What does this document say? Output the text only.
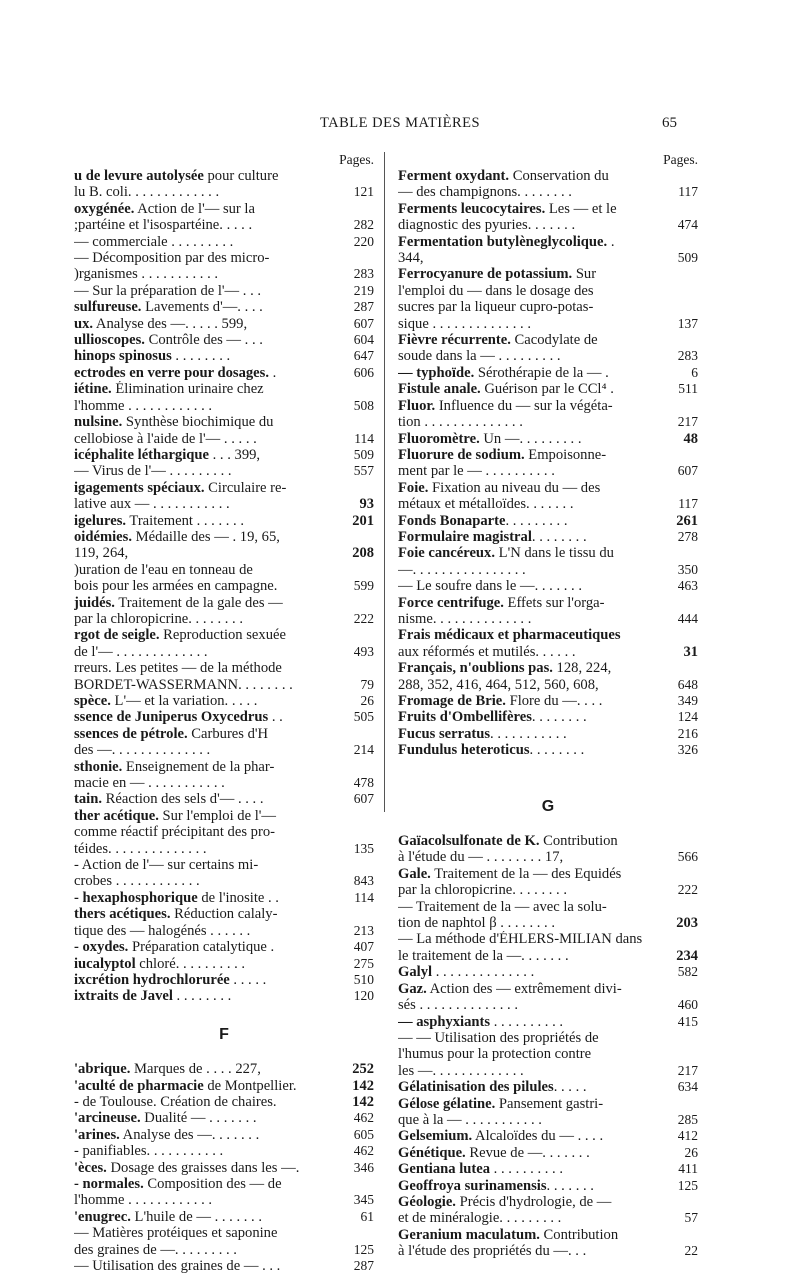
TABLE DES MATIÈRES	65
Pages.
u de levure autolysée pour culture
lu B. coli. . . . . . . . . . . . .	121
oxygénée. Action de l'— sur la
;partéine et l'isospartéine. . . . .	282
— commerciale . . . . . . . . .	220
— Décomposition par des micro-
)rganismes . . . . . . . . . . .	283
— Sur la préparation de l'— . . .	219
sulfureuse. Lavements d'—. . . .	287
ux. Analyse des —. . . . . 599,	607
ullioscopes. Contrôle des — . . .	604
hinops spinosus . . . . . . . .	647
ectrodes en verre pour dosages. .	606
iétine. Élimination urinaire chez
l'homme . . . . . . . . . . . .	508
nulsine. Synthèse biochimique du
cellobiose à l'aide de l'— . . . . .	114
icéphalite léthargique . . . 399,	509
— Virus de l'— . . . . . . . . .	557
igagements spéciaux. Circulaire re-
lative aux — . . . . . . . . . . .	93
igelures. Traitement . . . . . . .	201
oidémies. Médaille des — . 19, 65,
119, 264,	208
)uration de l'eau en tonneau de
bois pour les armées en campagne.	599
juidés. Traitement de la gale des —
par la chloropicrine. . . . . . . .	222
rgot de seigle. Reproduction sexuée
de l'— . . . . . . . . . . . . .	493
rreurs. Les petites — de la méthode
BORDET-WASSERMANN. . . . . . . .	79
spèce. L'— et la variation. . . . .	26
ssence de Juniperus Oxycedrus . .	505
ssences de pétrole. Carbures d'H
des —. . . . . . . . . . . . . .	214
sthonie. Enseignement de la phar-
macie en — . . . . . . . . . . .	478
tain. Réaction des sels d'— . . . .	607
ther acétique. Sur l'emploi de l'—
comme réactif précipitant des pro-
téides. . . . . . . . . . . . . .	135
- Action de l'— sur certains mi-
crobes . . . . . . . . . . . .	843
- hexaphosphorique de l'inosite . .	114
thers acétiques. Réduction calaly-
tique des — halogénés . . . . . .	213
- oxydes. Préparation catalytique .	407
iucalyptol chloré. . . . . . . . . .	275
ixcrétion hydrochlorurée . . . . .	510
ixtraits de Javel . . . . . . . .	120
F
'abrique. Marques de . . . . 227,	252
'aculté de pharmacie de Montpellier.	142
- de Toulouse. Création de chaires.	142
'arcineuse. Dualité — . . . . . . .	462
'arines. Analyse des —. . . . . . .	605
- panifiables. . . . . . . . . . .	462
'èces. Dosage des graisses dans les —.	346
- normales. Composition des — de
l'homme . . . . . . . . . . . .	345
'enugrec. L'huile de — . . . . . . .	61
— Matières protéiques et saponine
des graines de —. . . . . . . . .	125
— Utilisation des graines de — . . .	287
Pages.
Ferment oxydant. Conservation du
— des champignons. . . . . . . .	117
Ferments leucocytaires. Les — et le
diagnostic des pyuries. . . . . . .	474
Fermentation butylèneglycolique. .
344,	509
Ferrocyanure de potassium. Sur
l'emploi du — dans le dosage des
sucres par la liqueur cupro-potas-
sique . . . . . . . . . . . . . .	137
Fièvre récurrente. Cacodylate de
soude dans la — . . . . . . . . .	283
— typhoïde. Sérothérapie de la — .	6
Fistule anale. Guérison par le CCl⁴ .	511
Fluor. Influence du — sur la végéta-
tion . . . . . . . . . . . . . .	217
Fluoromètre. Un —. . . . . . . . .	48
Fluorure de sodium. Empoisonne-
ment par le — . . . . . . . . . .	607
Foie. Fixation au niveau du — des
métaux et métalloïdes. . . . . . .	117
Fonds Bonaparte. . . . . . . . .	261
Formulaire magistral. . . . . . . .	278
Foie cancéreux. L'N dans le tissu du
—. . . . . . . . . . . . . . . .	350
— Le soufre dans le —. . . . . . .	463
Force centrifuge. Effets sur l'orga-
nisme. . . . . . . . . . . . . .	444
Frais médicaux et pharmaceutiques
aux réformés et mutilés. . . . . .	31
Français, n'oublions pas. 128, 224,
288, 352, 416, 464, 512, 560, 608,	648
Fromage de Brie. Flore du —. . . .	349
Fruits d'Ombellifères. . . . . . . .	124
Fucus serratus. . . . . . . . . . .	216
Fundulus heteroticus. . . . . . . .	326
G
Gaïacolsulfonate de K. Contribution
à l'étude du — . . . . . . . . 17,	566
Gale. Traitement de la — des Equidés
par la chloropicrine. . . . . . . .	222
— Traitement de la — avec la solu-
tion de naphtol β . . . . . . . .	203
— La méthode d'ÉHLERS-MILIAN dans
le traitement de la —. . . . . . .	234
Galyl . . . . . . . . . . . . . .	582
Gaz. Action des — extrêmement divi-
sés . . . . . . . . . . . . . .	460
— asphyxiants . . . . . . . . . .	415
— — Utilisation des propriétés de
l'humus pour la protection contre
les —. . . . . . . . . . . . .	217
Gélatinisation des pilules. . . . .	634
Gélose gélatine. Pansement gastri-
que à la — . . . . . . . . . . .	285
Gelsemium. Alcaloïdes du — . . . .	412
Génétique. Revue de —. . . . . . .	26
Gentiana lutea . . . . . . . . . .	411
Geoffroya surinamensis. . . . . . .	125
Géologie. Précis d'hydrologie, de —
et de minéralogie. . . . . . . . .	57
Geranium maculatum. Contribution
à l'étude des propriétés du —. . .	22
